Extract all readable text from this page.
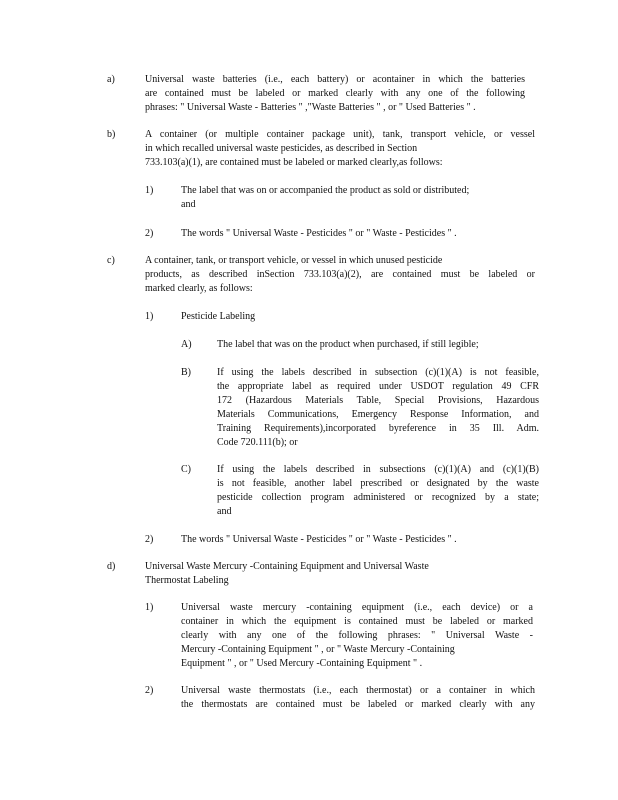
a)	Universal waste batteries (i.e., each battery) or acontainer in which the batteries
are contained must be labeled or marked clearly with any one of the following
phrases: " Universal Waste - Batteries " ,"Waste Batteries " , or " Used Batteries " .
b)	A container (or multiple container package unit), tank, transport vehicle, or vessel
in which recalled universal waste pesticides, as described in Section
733.103(a)(1), are contained must be labeled or marked clearly,as follows:
1)	The label that was on or accompanied the product as sold or distributed;
and
2)	The words " Universal Waste - Pesticides " or " Waste - Pesticides " .
c)	A container, tank, or transport vehicle, or vessel in which unused pesticide
products, as described inSection 733.103(a)(2), are contained must be labeled or
marked clearly, as follows:
1)	Pesticide Labeling
A)	The label that was on the product when purchased, if still legible;
B)	If using the labels described in subsection (c)(1)(A) is not feasible,
the appropriate label as required under USDOT regulation 49 CFR
172 (Hazardous Materials Table, Special Provisions, Hazardous
Materials Communications, Emergency Response Information, and
Training Requirements),incorporated byreference in 35 Ill. Adm.
Code 720.111(b); or
C)	If using the labels described in subsections (c)(1)(A) and (c)(1)(B)
is not feasible, another label prescribed or designated by the waste
pesticide collection program administered or recognized by a state;
and
2)	The words " Universal Waste - Pesticides " or " Waste - Pesticides " .
d)	Universal Waste Mercury -Containing Equipment and Universal Waste
Thermostat Labeling
1)	Universal waste mercury -containing equipment (i.e., each device) or a
container in which the equipment is contained must be labeled or marked
clearly with any one of the following phrases: " Universal Waste -
Mercury -Containing Equipment " , or " Waste Mercury -Containing
Equipment " , or " Used Mercury -Containing Equipment " .
2)	Universal waste thermostats (i.e., each thermostat) or a container in which
the thermostats are contained must be labeled or marked clearly with any
